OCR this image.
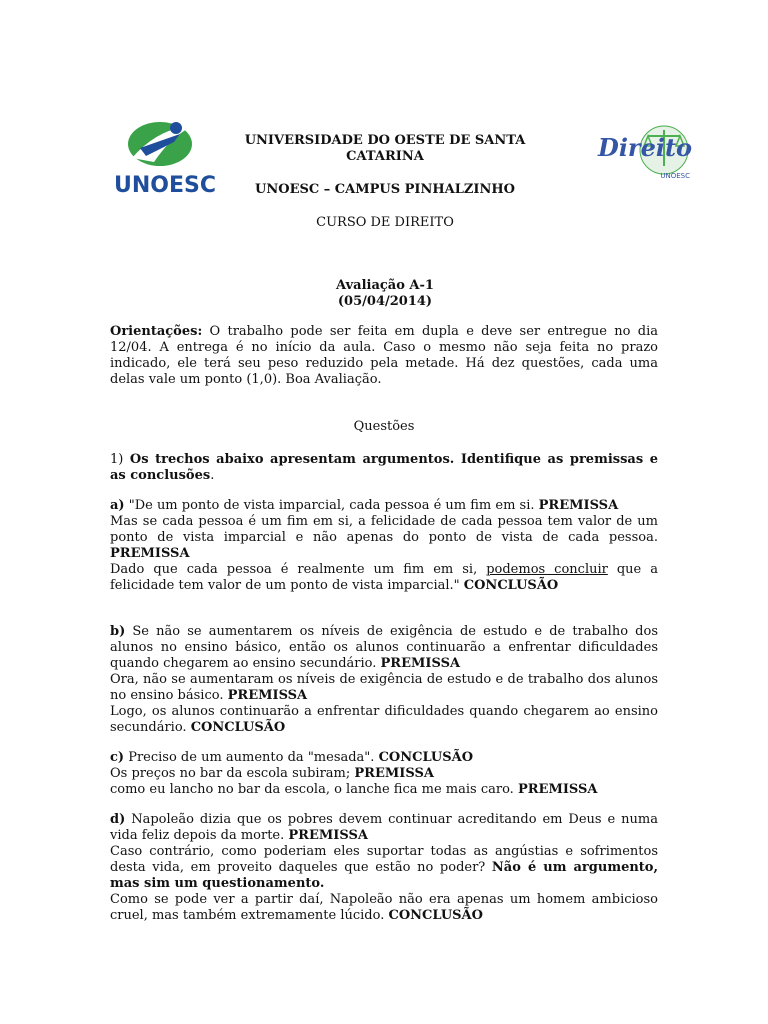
UNOESC
Direito
UNOESC
UNIVERSIDADE DO OESTE DE SANTA
CATARINA
UNOESC – CAMPUS PINHALZINHO
CURSO DE DIREITO
Avaliação A-1
(05/04/2014)

Orientações: O trabalho pode ser feita em dupla e deve ser entregue no dia 12/04. A entrega é no início da aula. Caso o mesmo não seja feita no prazo indicado, ele terá seu peso reduzido pela metade. Há dez questões, cada uma delas vale um ponto (1,0). Boa Avaliação.

Questões

1) Os trechos abaixo apresentam argumentos. Identifique as premissas e as conclusões.

a) "De um ponto de vista imparcial, cada pessoa é um fim em si. PREMISSA
Mas se cada pessoa é um fim em si, a felicidade de cada pessoa tem valor de um ponto de vista imparcial e não apenas do ponto de vista de cada pessoa. PREMISSA
Dado que cada pessoa é realmente um fim em si, podemos concluir que a felicidade tem valor de um ponto de vista imparcial." CONCLUSÃO

b) Se não se aumentarem os níveis de exigência de estudo e de trabalho dos alunos no ensino básico, então os alunos continuarão a enfrentar dificuldades quando chegarem ao ensino secundário. PREMISSA
Ora, não se aumentaram os níveis de exigência de estudo e de trabalho dos alunos no ensino básico. PREMISSA
Logo, os alunos continuarão a enfrentar dificuldades quando chegarem ao ensino secundário. CONCLUSÃO

c) Preciso de um aumento da "mesada". CONCLUSÃO
Os preços no bar da escola subiram; PREMISSA
como eu lancho no bar da escola, o lanche fica me mais caro. PREMISSA

d) Napoleão dizia que os pobres devem continuar acreditando em Deus e numa vida feliz depois da morte. PREMISSA
Caso contrário, como poderiam eles suportar todas as angústias e sofrimentos desta vida, em proveito daqueles que estão no poder? Não é um argumento, mas sim um questionamento.
Como se pode ver a partir daí, Napoleão não era apenas um homem ambicioso cruel, mas também extremamente lúcido. CONCLUSÃO
